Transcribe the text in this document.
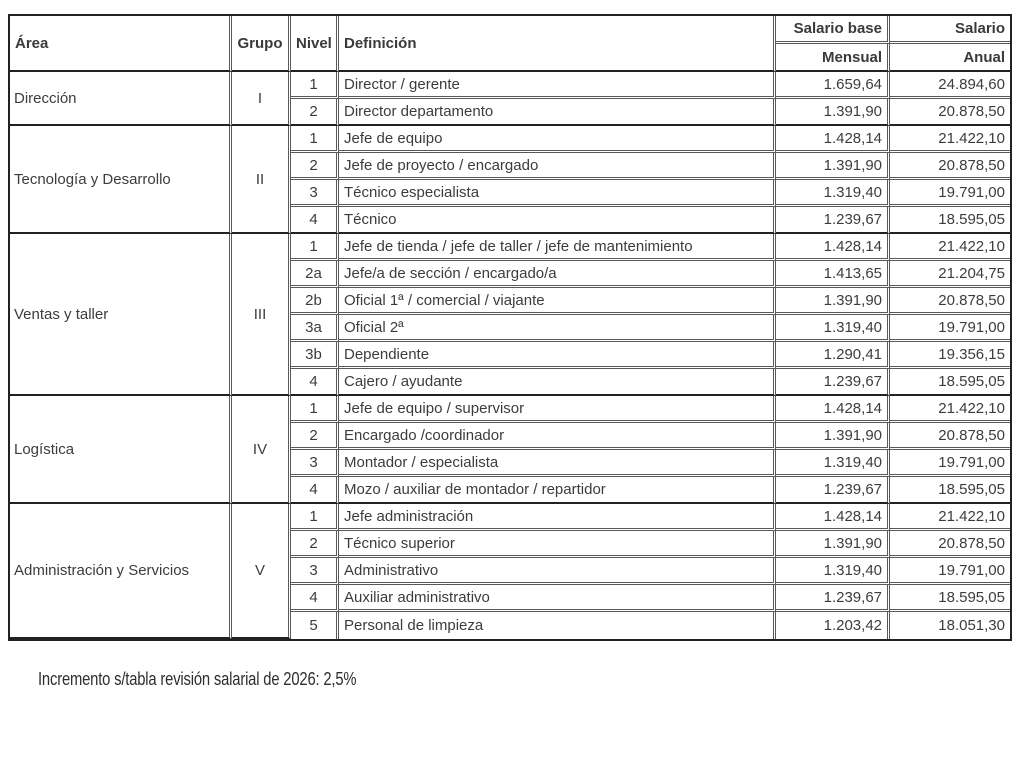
Área	Grupo	Nivel	Definición	Salario base	Salario
				Mensual	Anual
Dirección	I	1	Director / gerente	1.659,64	24.894,60
		2	Director departamento	1.391,90	20.878,50
Tecnología y Desarrollo	II	1	Jefe de equipo	1.428,14	21.422,10
		2	Jefe de proyecto / encargado	1.391,90	20.878,50
		3	Técnico especialista	1.319,40	19.791,00
		4	Técnico	1.239,67	18.595,05
Ventas y taller	III	1	Jefe de tienda / jefe de taller / jefe de mantenimiento	1.428,14	21.422,10
		2a	Jefe/a de sección / encargado/a	1.413,65	21.204,75
		2b	Oficial 1ª / comercial / viajante	1.391,90	20.878,50
		3a	Oficial 2ª	1.319,40	19.791,00
		3b	Dependiente	1.290,41	19.356,15
		4	Cajero / ayudante	1.239,67	18.595,05
Logística	IV	1	Jefe de equipo / supervisor	1.428,14	21.422,10
		2	Encargado /coordinador	1.391,90	20.878,50
		3	Montador / especialista	1.319,40	19.791,00
		4	Mozo / auxiliar de montador / repartidor	1.239,67	18.595,05
Administración y Servicios	V	1	Jefe administración	1.428,14	21.422,10
		2	Técnico superior	1.391,90	20.878,50
		3	Administrativo	1.319,40	19.791,00
		4	Auxiliar administrativo	1.239,67	18.595,05
		5	Personal de limpieza	1.203,42	18.051,30
Incremento s/tabla revisión salarial de 2026: 2,5%
